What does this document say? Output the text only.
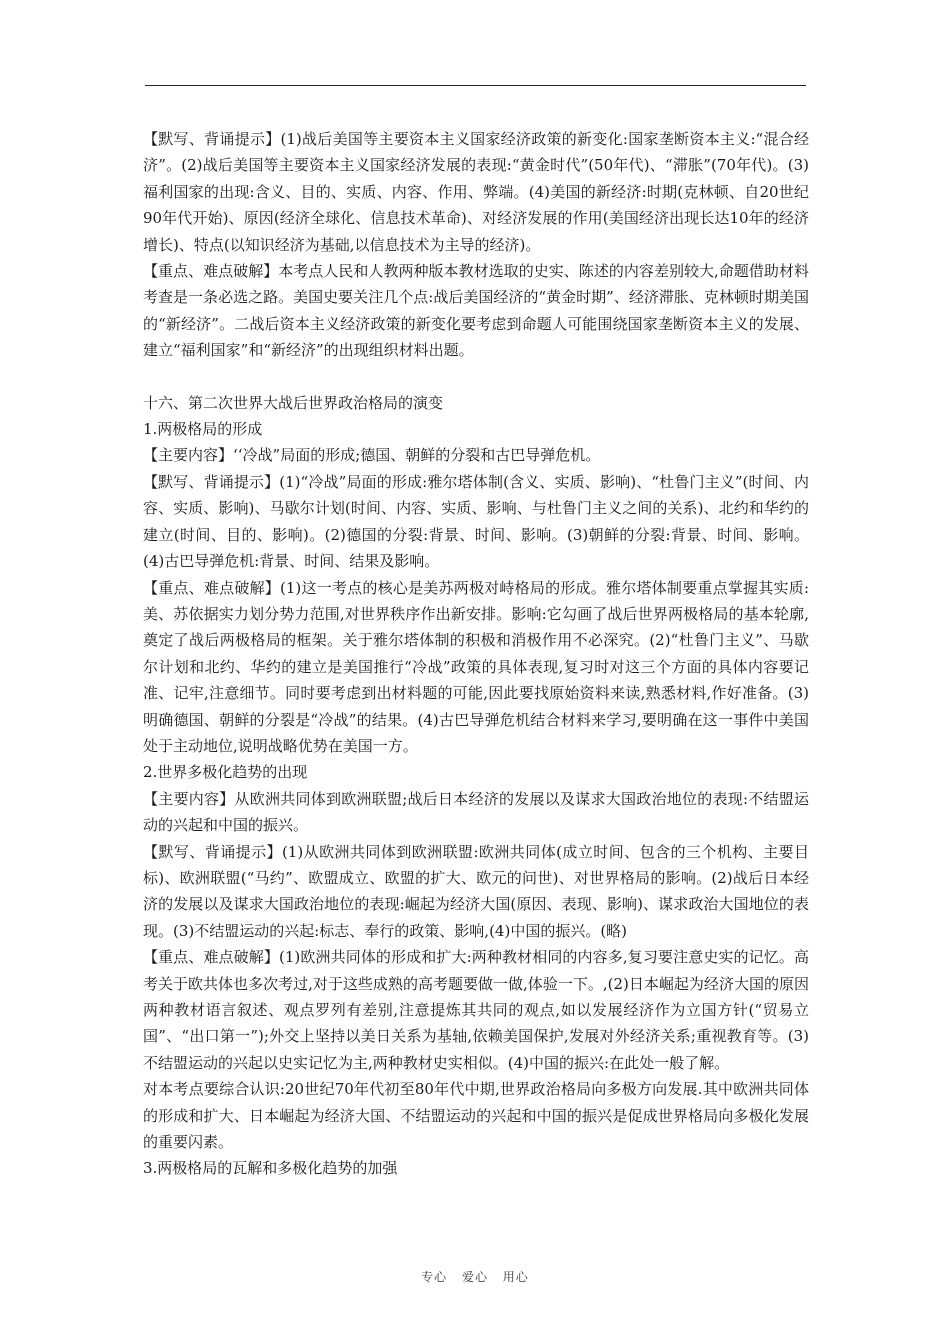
【默写、背诵提示】(1)战后美国等主要资本主义国家经济政策的新变化:国家垄断资本主义:“混合经济”。(2)战后美国等主要资本主义国家经济发展的表现:“黄金时代”(50年代)、“滞胀”(70年代)。(3)福利国家的出现:含义、目的、实质、内容、作用、弊端。(4)美国的新经济:时期(克林顿、自20世纪90年代开始)、原因(经济全球化、信息技术革命)、对经济发展的作用(美国经济出现长达10年的经济增长)、特点(以知识经济为基础,以信息技术为主导的经济)。

【重点、难点破解】本考点人民和人教两种版本教材选取的史实、陈述的内容差别较大,命题借助材料考查是一条必选之路。美国史要关注几个点:战后美国经济的“黄金时期”、经济滞胀、克林顿时期美国的“新经济”。二战后资本主义经济政策的新变化要考虑到命题人可能围绕国家垄断资本主义的发展、建立“福利国家”和“新经济”的出现组织材料出题。

十六、第二次世界大战后世界政治格局的演变

1.两极格局的形成

【主要内容】‘‘冷战”局面的形成;德国、朝鲜的分裂和古巴导弹危机。

【默写、背诵提示】(1)“冷战”局面的形成:雅尔塔体制(含义、实质、影响)、“杜鲁门主义”(时间、内容、实质、影响)、马歇尔计划(时间、内容、实质、影响、与杜鲁门主义之间的关系)、北约和华约的建立(时间、目的、影响)。(2)德国的分裂:背景、时间、影响。(3)朝鲜的分裂:背景、时间、影响。(4)古巴导弹危机:背景、时间、结果及影响。

【重点、难点破解】(1)这一考点的核心是美苏两极对峙格局的形成。雅尔塔体制要重点掌握其实质:美、苏依据实力划分势力范围,对世界秩序作出新安排。影响:它勾画了战后世界两极格局的基本轮廓,奠定了战后两极格局的框架。关于雅尔塔体制的积极和消极作用不必深究。(2)“杜鲁门主义”、马歇尔计划和北约、华约的建立是美国推行“冷战”政策的具体表现,复习时对这三个方面的具体内容要记准、记牢,注意细节。同时要考虑到出材料题的可能,因此要找原始资料来读,熟悉材料,作好准备。(3)明确德国、朝鲜的分裂是“冷战”的结果。(4)古巴导弹危机结合材料来学习,要明确在这一事件中美国处于主动地位,说明战略优势在美国一方。

2.世界多极化趋势的出现

【主要内容】从欧洲共同体到欧洲联盟;战后日本经济的发展以及谋求大国政治地位的表现:不结盟运动的兴起和中国的振兴。

【默写、背诵提示】(1)从欧洲共同体到欧洲联盟:欧洲共同体(成立时间、包含的三个机构、主要目标)、欧洲联盟(“马约”、欧盟成立、欧盟的扩大、欧元的问世)、对世界格局的影响。(2)战后日本经济的发展以及谋求大国政治地位的表现:崛起为经济大国(原因、表现、影响)、谋求政治大国地位的表现。(3)不结盟运动的兴起:标志、奉行的政策、影响,(4)中国的振兴。(略)

【重点、难点破解】(1)欧洲共同体的形成和扩大:两种教材相同的内容多,复习要注意史实的记忆。高考关于欧共体也多次考过,对于这些成熟的高考题要做一做,体验一下。,(2)日本崛起为经济大国的原因两种教材语言叙述、观点罗列有差别,注意提炼其共同的观点,如以发展经济作为立国方针(“贸易立国”、“出口第一”);外交上坚持以美日关系为基轴,依赖美国保护,发展对外经济关系;重视教育等。(3)不结盟运动的兴起以史实记忆为主,两种教材史实相似。(4)中国的振兴:在此处一般了解。

对本考点要综合认识:20世纪70年代初至80年代中期,世界政治格局向多极方向发展.其中欧洲共同体的形成和扩大、日本崛起为经济大国、不结盟运动的兴起和中国的振兴是促成世界格局向多极化发展的重要闪素。

3.两极格局的瓦解和多极化趋势的加强

专心 爱心 用心
